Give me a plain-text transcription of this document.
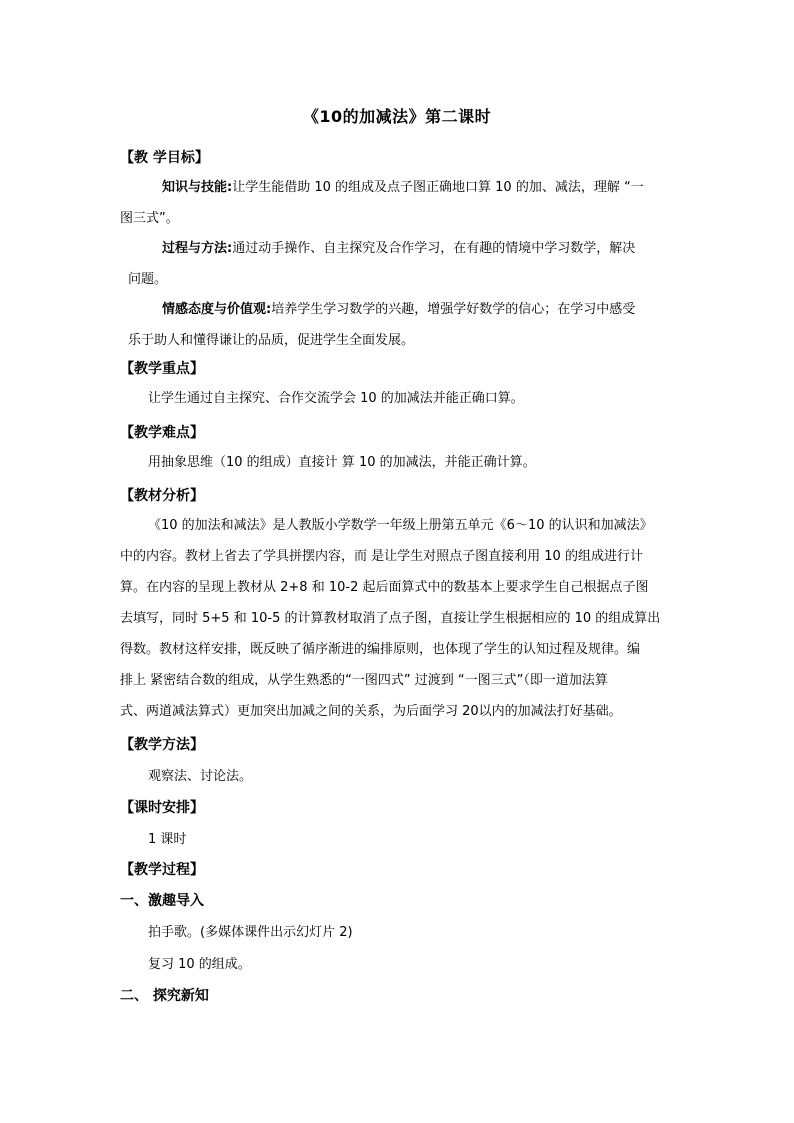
《10的加减法》第二课时
【教 学目标】
知识与技能:让学生能借助 10 的组成及点子图正确地口算 10 的加、减法，理解 “一
图三式”。
过程与方法:通过动手操作、自主探究及合作学习，在有趣的情境中学习数学，解决
问题。
情感态度与价值观:培养学生学习数学的兴趣，增强学好数学的信心；在学习中感受
乐于助人和懂得谦让的品质，促进学生全面发展。
【教学重点】
让学生通过自主探究、合作交流学会 10 的加减法并能正确口算。
【教学难点】
用抽象思维（10 的组成）直接计 算 10 的加减法，并能正确计算。
【教材分析】
《10 的加法和减法》是人教版小学数学一年级上册第五单元《6～10 的认识和加减法》
中的内容。教材上省去了学具拼摆内容，而 是让学生对照点子图直接利用 10 的组成进行计
算。在内容的呈现上教材从 2+8 和 10-2 起后面算式中的数基本上要求学生自己根据点子图
去填写，同时 5+5 和 10-5 的计算教材取消了点子图，直接让学生根据相应的 10 的组成算出
得数。教材这样安排，既反映了循序渐进的编排原则，也体现了学生的认知过程及规律。编
排上 紧密结合数的组成，从学生熟悉的“一图四式” 过渡到 “一图三式”（即一道加法算
式、两道减法算式）更加突出加减之间的关系，为后面学习 20以内的加减法打好基础。
【教学方法】
观察法、讨论法。
【课时安排】
1 课时
【教学过程】
一、激趣导入
拍手歌。(多媒体课件出示幻灯片 2)
复习 10 的组成。
二、 探究新知
